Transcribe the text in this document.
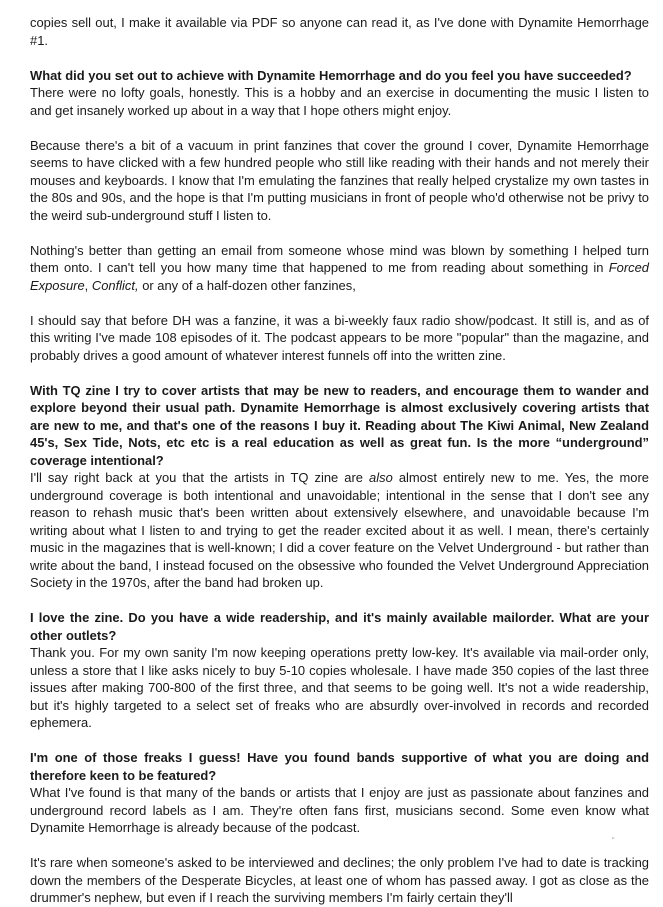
copies sell out, I make it available via PDF so anyone can read it, as I've done with Dynamite Hemorrhage #1.

What did you set out to achieve with Dynamite Hemorrhage and do you feel you have succeeded?

There were no lofty goals, honestly. This is a hobby and an exercise in documenting the music I listen to and get insanely worked up about in a way that I hope others might enjoy.

Because there's a bit of a vacuum in print fanzines that cover the ground I cover, Dynamite Hemorrhage seems to have clicked with a few hundred people who still like reading with their hands and not merely their mouses and keyboards. I know that I'm emulating the fanzines that really helped crystalize my own tastes in the 80s and 90s, and the hope is that I'm putting musicians in front of people who'd otherwise not be privy to the weird sub-underground stuff I listen to.

Nothing's better than getting an email from someone whose mind was blown by something I helped turn them onto. I can't tell you how many time that happened to me from reading about something in Forced Exposure, Conflict, or any of a half-dozen other fanzines,

I should say that before DH was a fanzine, it was a bi-weekly faux radio show/podcast. It still is, and as of this writing I've made 108 episodes of it. The podcast appears to be more "popular" than the magazine, and probably drives a good amount of whatever interest funnels off into the written zine.

With TQ zine I try to cover artists that may be new to readers, and encourage them to wander and explore beyond their usual path. Dynamite Hemorrhage is almost exclusively covering artists that are new to me, and that's one of the reasons I buy it. Reading about The Kiwi Animal, New Zealand 45's, Sex Tide, Nots, etc etc is a real education as well as great fun. Is the more “underground” coverage intentional?

I'll say right back at you that the artists in TQ zine are also almost entirely new to me. Yes, the more underground coverage is both intentional and unavoidable; intentional in the sense that I don't see any reason to rehash music that's been written about extensively elsewhere, and unavoidable because I'm writing about what I listen to and trying to get the reader excited about it as well. I mean, there's certainly music in the magazines that is well-known; I did a cover feature on the Velvet Underground - but rather than write about the band, I instead focused on the obsessive who founded the Velvet Underground Appreciation Society in the 1970s, after the band had broken up.

I love the zine. Do you have a wide readership, and it's mainly available mailorder. What are your other outlets?

Thank you. For my own sanity I'm now keeping operations pretty low-key. It's available via mail-order only, unless a store that I like asks nicely to buy 5-10 copies wholesale. I have made 350 copies of the last three issues after making 700-800 of the first three, and that seems to be going well. It's not a wide readership, but it's highly targeted to a select set of freaks who are absurdly over-involved in records and recorded ephemera.

I'm one of those freaks I guess! Have you found bands supportive of what you are doing and therefore keen to be featured?

What I've found is that many of the bands or artists that I enjoy are just as passionate about fanzines and underground record labels as I am. They're often fans first, musicians second. Some even know what Dynamite Hemorrhage is already because of the podcast.

It's rare when someone's asked to be interviewed and declines; the only problem I've had to date is tracking down the members of the Desperate Bicycles, at least one of whom has passed away. I got as close as the drummer's nephew, but even if I reach the surviving members I'm fairly certain they'll

“
